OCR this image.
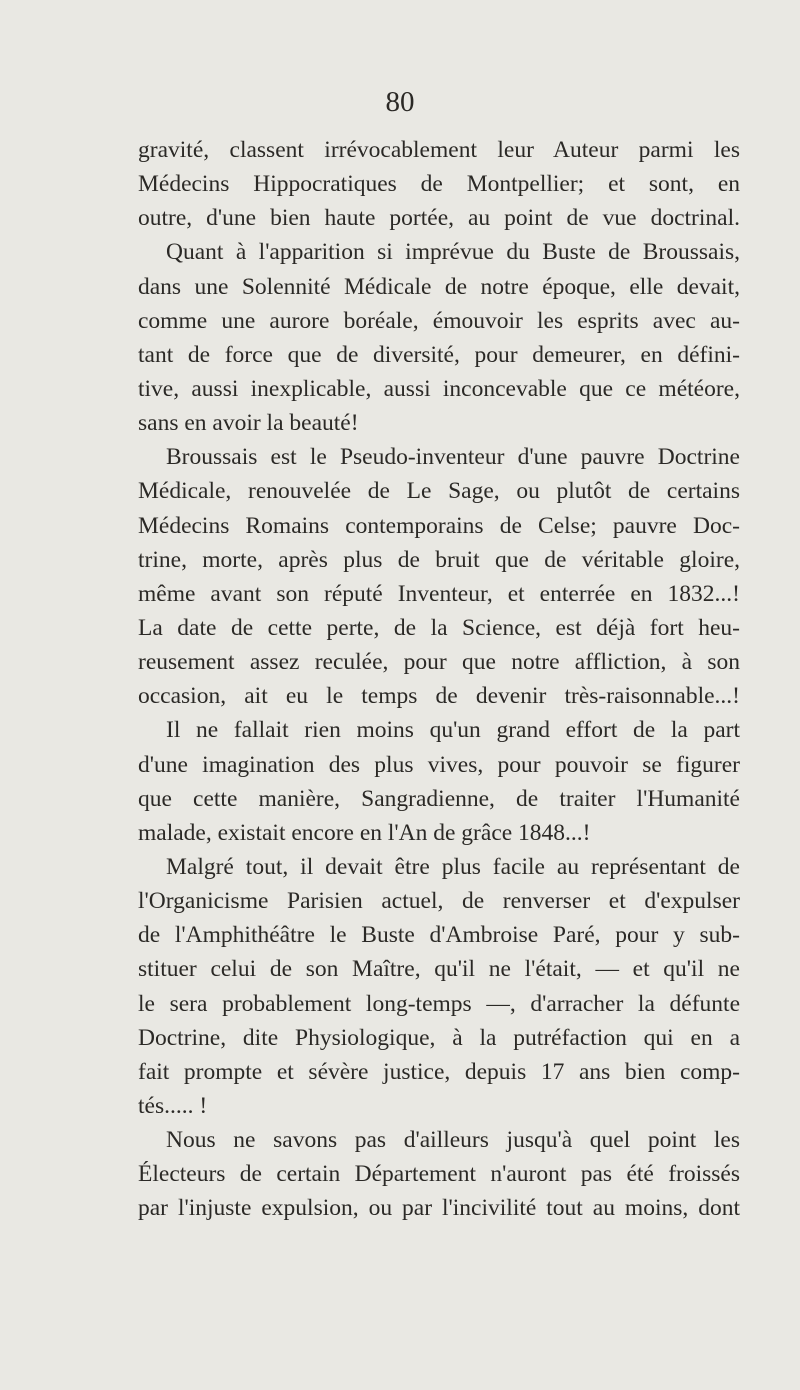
80
gravité, classent irrévocablement leur Auteur parmi les
Médecins Hippocratiques de Montpellier; et sont, en
outre, d'une bien haute portée, au point de vue doctrinal.
Quant à l'apparition si imprévue du Buste de Broussais,
dans une Solennité Médicale de notre époque, elle devait,
comme une aurore boréale, émouvoir les esprits avec au-
tant de force que de diversité, pour demeurer, en défini-
tive, aussi inexplicable, aussi inconcevable que ce météore,
sans en avoir la beauté!
Broussais est le Pseudo-inventeur d'une pauvre Doctrine
Médicale, renouvelée de Le Sage, ou plutôt de certains
Médecins Romains contemporains de Celse; pauvre Doc-
trine, morte, après plus de bruit que de véritable gloire,
même avant son réputé Inventeur, et enterrée en 1832...!
La date de cette perte, de la Science, est déjà fort heu-
reusement assez reculée, pour que notre affliction, à son
occasion, ait eu le temps de devenir très-raisonnable...!
Il ne fallait rien moins qu'un grand effort de la part
d'une imagination des plus vives, pour pouvoir se figurer
que cette manière, Sangradienne, de traiter l'Humanité
malade, existait encore en l'An de grâce 1848...!
Malgré tout, il devait être plus facile au représentant de
l'Organicisme Parisien actuel, de renverser et d'expulser
de l'Amphithéâtre le Buste d'Ambroise Paré, pour y sub-
stituer celui de son Maître, qu'il ne l'était, — et qu'il ne
le sera probablement long-temps —, d'arracher la défunte
Doctrine, dite Physiologique, à la putréfaction qui en a
fait prompte et sévère justice, depuis 17 ans bien comp-
tés..... !
Nous ne savons pas d'ailleurs jusqu'à quel point les
Électeurs de certain Département n'auront pas été froissés
par l'injuste expulsion, ou par l'incivilité tout au moins, dont
